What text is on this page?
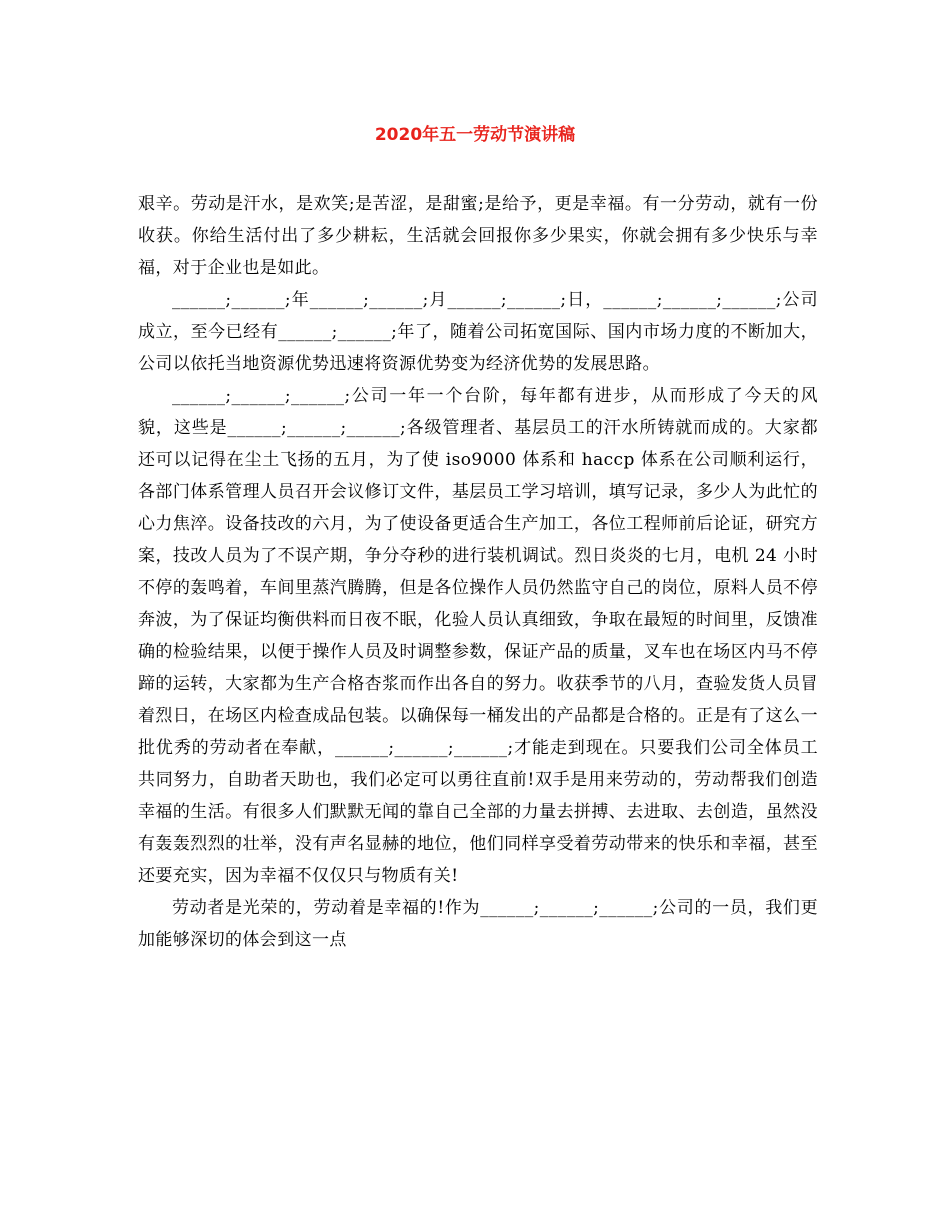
2020年五一劳动节演讲稿

艰辛。劳动是汗水，是欢笑;是苦涩，是甜蜜;是给予，更是幸福。有一分劳动，就有一份收获。你给生活付出了多少耕耘，生活就会回报你多少果实，你就会拥有多少快乐与幸福，对于企业也是如此。

______;______;年______;______;月______;______;日，______;______;______;公司成立，至今已经有______;______;年了，随着公司拓宽国际、国内市场力度的不断加大，公司以依托当地资源优势迅速将资源优势变为经济优势的发展思路。

______;______;______;公司一年一个台阶，每年都有进步，从而形成了今天的风貌，这些是______;______;______;各级管理者、基层员工的汗水所铸就而成的。大家都还可以记得在尘土飞扬的五月，为了使 iso9000 体系和 haccp 体系在公司顺利运行，各部门体系管理人员召开会议修订文件，基层员工学习培训，填写记录，多少人为此忙的心力焦淬。设备技改的六月，为了使设备更适合生产加工，各位工程师前后论证，研究方案，技改人员为了不误产期，争分夺秒的进行装机调试。烈日炎炎的七月，电机 24 小时不停的轰鸣着，车间里蒸汽腾腾，但是各位操作人员仍然监守自己的岗位，原料人员不停奔波，为了保证均衡供料而日夜不眠，化验人员认真细致，争取在最短的时间里，反馈准确的检验结果，以便于操作人员及时调整参数，保证产品的质量，叉车也在场区内马不停蹄的运转，大家都为生产合格杏浆而作出各自的努力。收获季节的八月，查验发货人员冒着烈日，在场区内检查成品包装。以确保每一桶发出的产品都是合格的。正是有了这么一批优秀的劳动者在奉献，______;______;______;才能走到现在。只要我们公司全体员工共同努力，自助者天助也，我们必定可以勇往直前!双手是用来劳动的，劳动帮我们创造幸福的生活。有很多人们默默无闻的靠自己全部的力量去拼搏、去进取、去创造，虽然没有轰轰烈烈的壮举，没有声名显赫的地位，他们同样享受着劳动带来的快乐和幸福，甚至还要充实，因为幸福不仅仅只与物质有关!

劳动者是光荣的，劳动着是幸福的!作为______;______;______;公司的一员，我们更加能够深切的体会到这一点
